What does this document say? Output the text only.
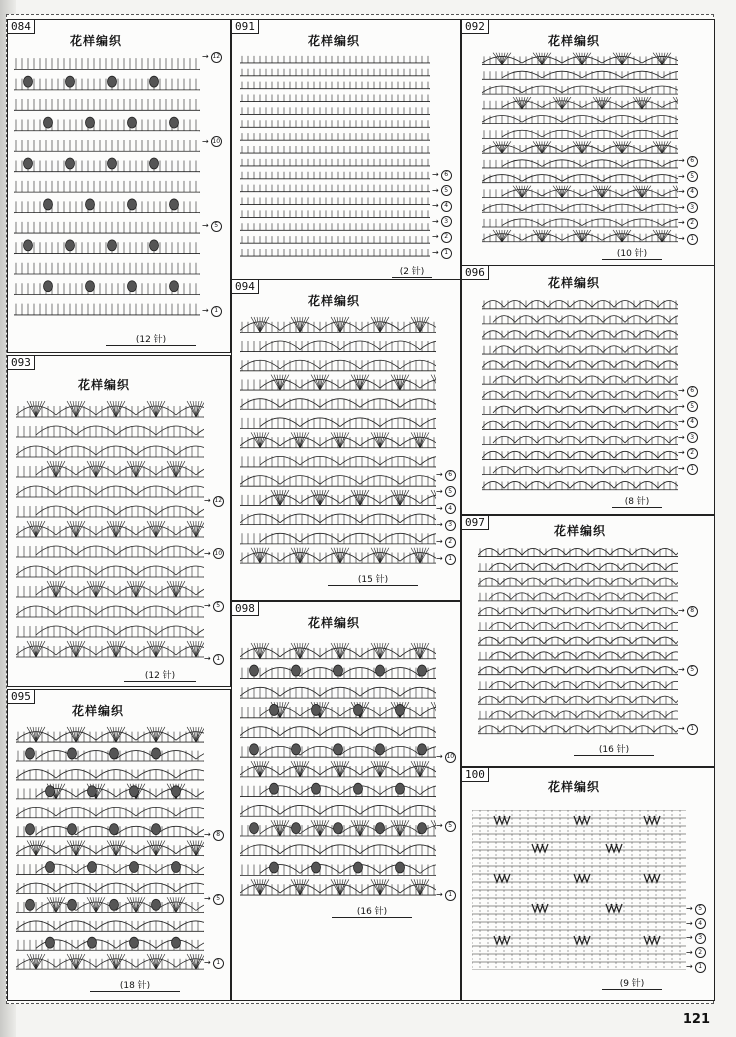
084
花样编织
(12 针)
→ 12
→ 10
→ 5
→ 1
091
花样编织
(2 针)
→ 6
→ 5
→ 4
→ 3
→ 2
→ 1
092
花样编织
(10 针)
→ 6
→ 5
→ 4
→ 3
→ 2
→ 1
093
花样编织
(12 针)
→ 12
→ 10
→ 5
→ 1
094
花样编织
(15 针)
→ 6
→ 5
→ 4
→ 3
→ 2
→ 1
096
花样编织
(8 针)
→ 6
→ 5
→ 4
→ 3
→ 2
→ 1
095
花样编织
(18 针)
→ 8
→ 5
→ 1
098
花样编织
(16 针)
→ 10
→ 5
→ 1
097
花样编织
(16 针)
→ 8
→ 5
→ 1
100
花样编织
(9 针)
→ 5
→ 4
→ 3
→ 2
→ 1
121
